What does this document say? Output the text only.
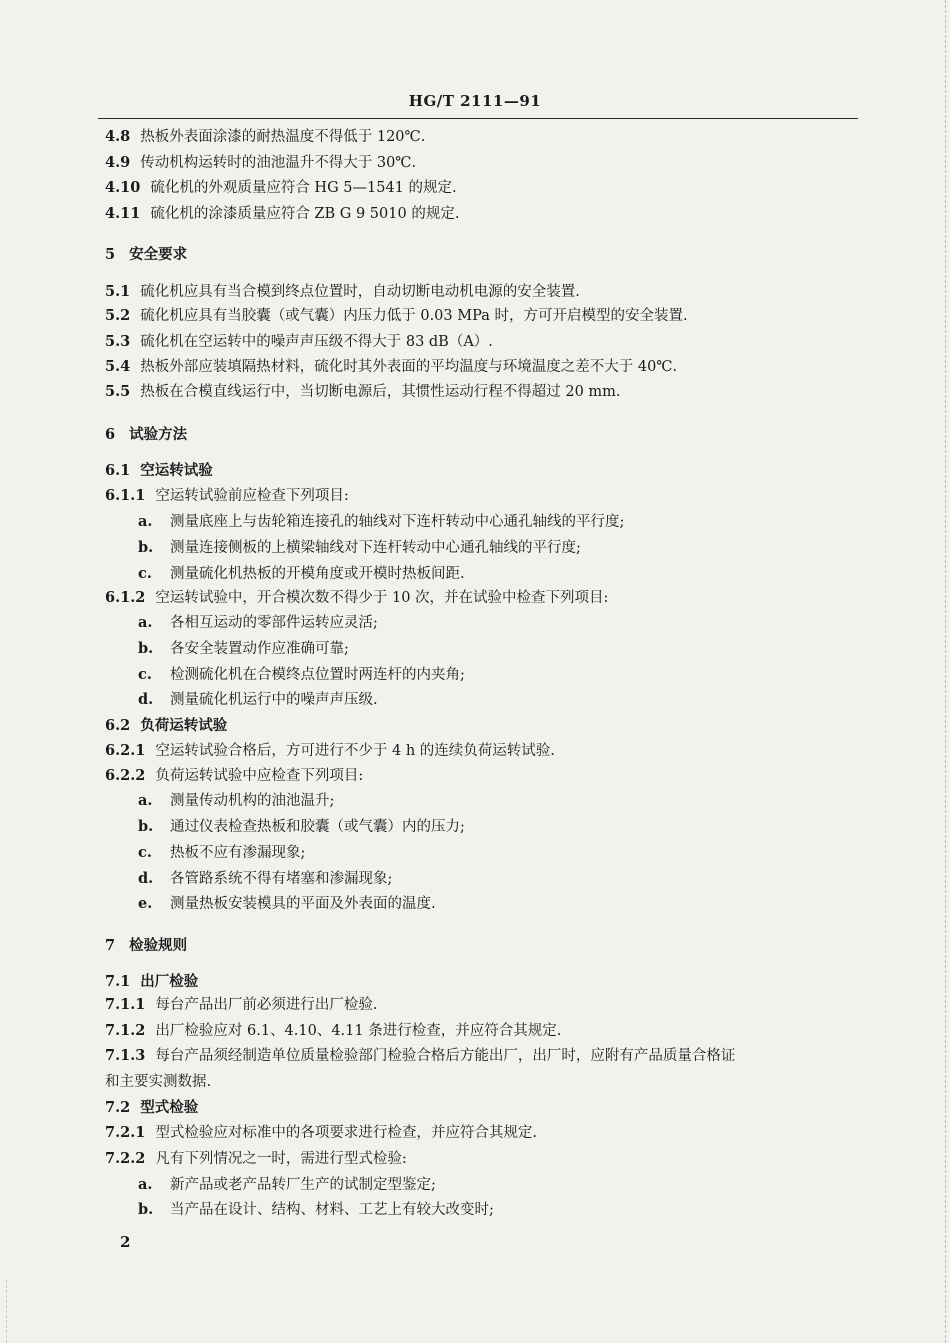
HG/T 2111—91
4.8 热板外表面涂漆的耐热温度不得低于 120℃.
4.9 传动机构运转时的油池温升不得大于 30℃.
4.10 硫化机的外观质量应符合 HG 5—1541 的规定.
4.11 硫化机的涂漆质量应符合 ZB G 9 5010 的规定.
5 安全要求
5.1 硫化机应具有当合模到终点位置时，自动切断电动机电源的安全装置.
5.2 硫化机应具有当胶囊（或气囊）内压力低于 0.03 MPa 时，方可开启模型的安全装置.
5.3 硫化机在空运转中的噪声声压级不得大于 83 dB（A）.
5.4 热板外部应装填隔热材料，硫化时其外表面的平均温度与环境温度之差不大于 40℃.
5.5 热板在合模直线运行中，当切断电源后，其惯性运动行程不得超过 20 mm.
6 试验方法
6.1 空运转试验
6.1.1 空运转试验前应检查下列项目:
a. 测量底座上与齿轮箱连接孔的轴线对下连杆转动中心通孔轴线的平行度;
b. 测量连接侧板的上横梁轴线对下连杆转动中心通孔轴线的平行度;
c. 测量硫化机热板的开模角度或开模时热板间距.
6.1.2 空运转试验中，开合模次数不得少于 10 次，并在试验中检查下列项目:
a. 各相互运动的零部件运转应灵活;
b. 各安全装置动作应准确可靠;
c. 检测硫化机在合模终点位置时两连杆的内夹角;
d. 测量硫化机运行中的噪声声压级.
6.2 负荷运转试验
6.2.1 空运转试验合格后，方可进行不少于 4 h 的连续负荷运转试验.
6.2.2 负荷运转试验中应检查下列项目:
a. 测量传动机构的油池温升;
b. 通过仪表检查热板和胶囊（或气囊）内的压力;
c. 热板不应有渗漏现象;
d. 各管路系统不得有堵塞和渗漏现象;
e. 测量热板安装模具的平面及外表面的温度.
7 检验规则
7.1 出厂检验
7.1.1 每台产品出厂前必须进行出厂检验.
7.1.2 出厂检验应对 6.1、4.10、4.11 条进行检查，并应符合其规定.
7.1.3 每台产品须经制造单位质量检验部门检验合格后方能出厂，出厂时，应附有产品质量合格证
和主要实测数据.
7.2 型式检验
7.2.1 型式检验应对标准中的各项要求进行检查，并应符合其规定.
7.2.2 凡有下列情况之一时，需进行型式检验:
a. 新产品或老产品转厂生产的试制定型鉴定;
b. 当产品在设计、结构、材料、工艺上有较大改变时;
2
